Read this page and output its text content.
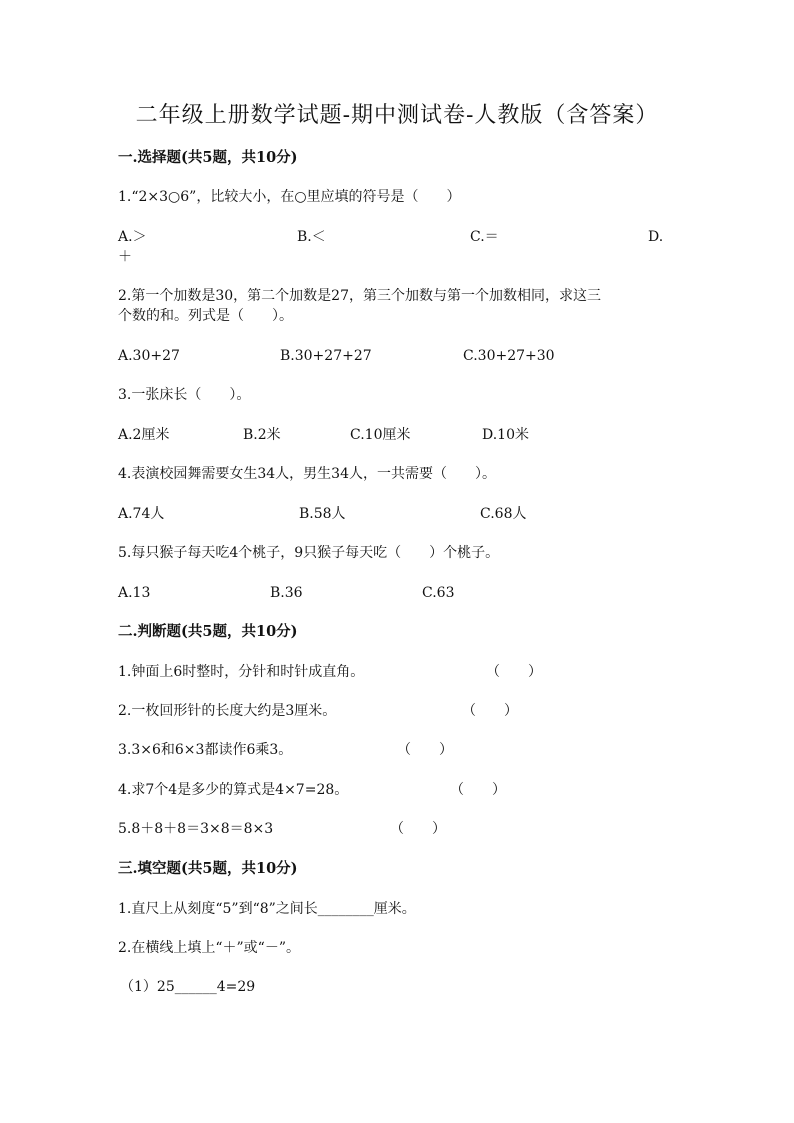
二年级上册数学试题-期中测试卷-人教版（含答案）
一.选择题(共5题，共10分)
1.“2×3○6”，比较大小，在○里应填的符号是（　　）
A.＞	B.＜	C.＝	D.
＋
2.第一个加数是30，第二个加数是27，第三个加数与第一个加数相同，求这三
个数的和。列式是（　　）。
A.30+27	B.30+27+27	C.30+27+30
3.一张床长（　　）。
A.2厘米	B.2米	C.10厘米	D.10米
4.表演校园舞需要女生34人，男生34人，一共需要（　　）。
A.74人	B.58人	C.68人
5.每只猴子每天吃4个桃子，9只猴子每天吃（　　）个桃子。
A.13	B.36	C.63
二.判断题(共5题，共10分)
1.钟面上6时整时，分针和时针成直角。	（　　）
2.一枚回形针的长度大约是3厘米。	（　　）
3.3×6和6×3都读作6乘3。	（　　）
4.求7个4是多少的算式是4×7=28。	（　　）
5.8＋8＋8＝3×8＝8×3	（　　）
三.填空题(共5题，共10分)
1.直尺上从刻度“5”到“8”之间长________厘米。
2.在横线上填上“＋”或“－”。
（1）25______4=29
